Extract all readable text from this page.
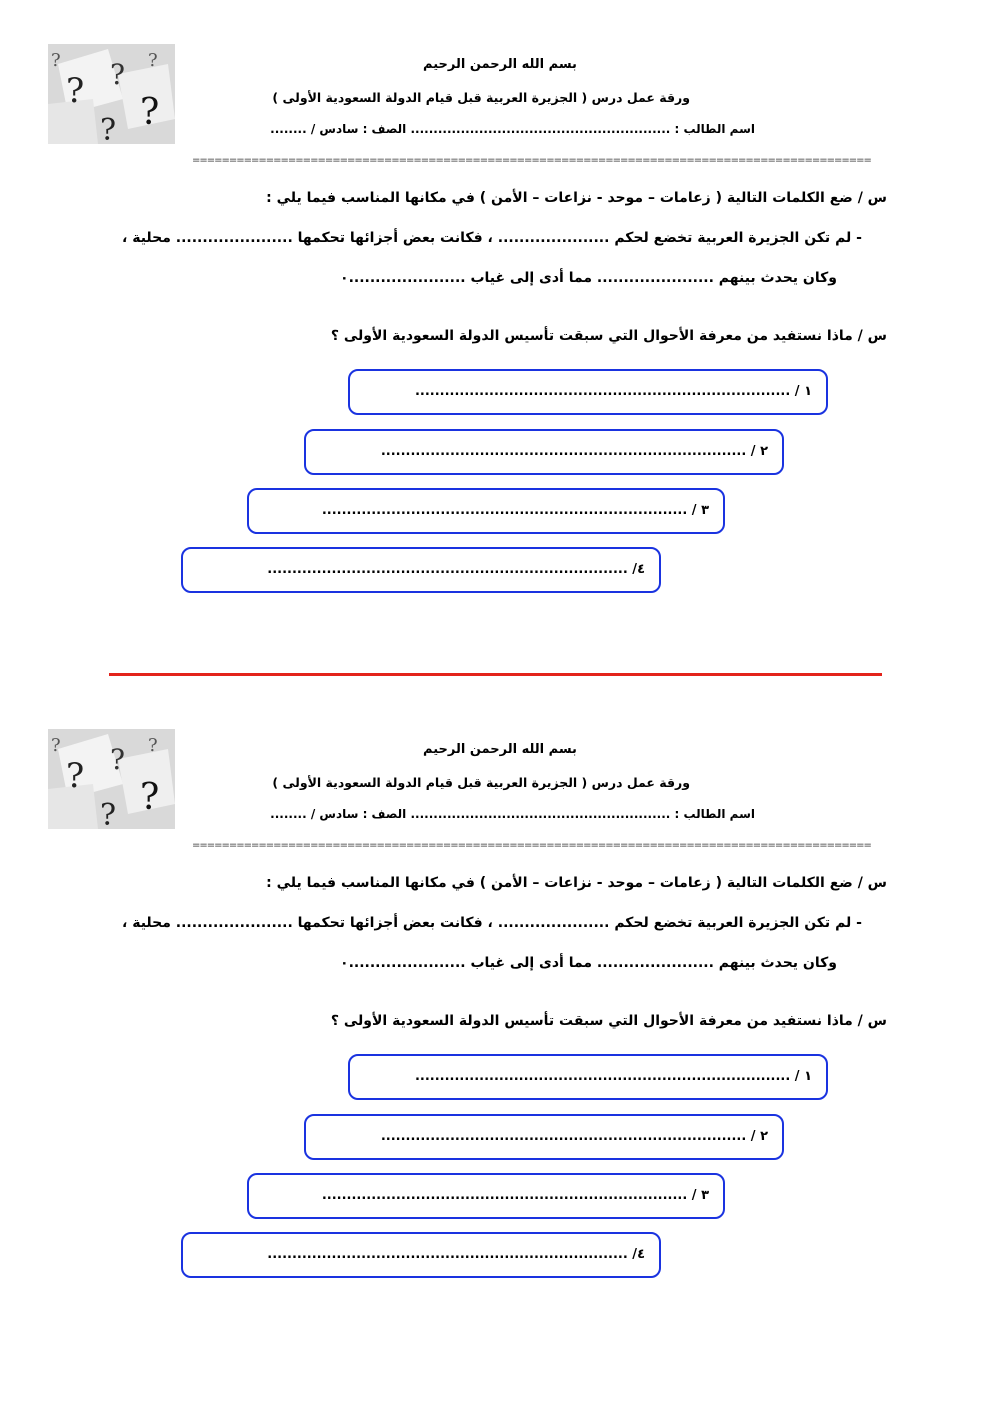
? ?
?
?
?	?	بسم الله الرحمن الرحيم
ورقة عمل درس ( الجزيرة العربية قبل قيام الدولة السعودية الأولى )
اسم الطالب : ......................................................... الصف : سادس / ........
============================================================================================
س / ضع الكلمات التالية ( زعامات – موحد - نزاعات – الأمن ) في مكانها المناسب فيما يلي :
- لم تكن الجزيرة العربية تخضع لحكم ..................... ، فكانت بعض أجزائها تحكمها ...................... محلية ،
وكان يحدث بينهم ...................... مما أدى إلى غياب ......................٠
س / ماذا نستفيد من معرفة الأحوال التي سبقت تأسيس الدولة السعودية الأولى ؟
١ / ............................................................................
٢ / ..........................................................................
٣ / ..........................................................................
٤/ .........................................................................
? ?
?
?
?	?	بسم الله الرحمن الرحيم
ورقة عمل درس ( الجزيرة العربية قبل قيام الدولة السعودية الأولى )
اسم الطالب : ......................................................... الصف : سادس / ........
============================================================================================
س / ضع الكلمات التالية ( زعامات – موحد - نزاعات – الأمن ) في مكانها المناسب فيما يلي :
- لم تكن الجزيرة العربية تخضع لحكم ..................... ، فكانت بعض أجزائها تحكمها ...................... محلية ،
وكان يحدث بينهم ...................... مما أدى إلى غياب ......................٠
س / ماذا نستفيد من معرفة الأحوال التي سبقت تأسيس الدولة السعودية الأولى ؟
١ / ............................................................................
٢ / ..........................................................................
٣ / ..........................................................................
٤/ .........................................................................
